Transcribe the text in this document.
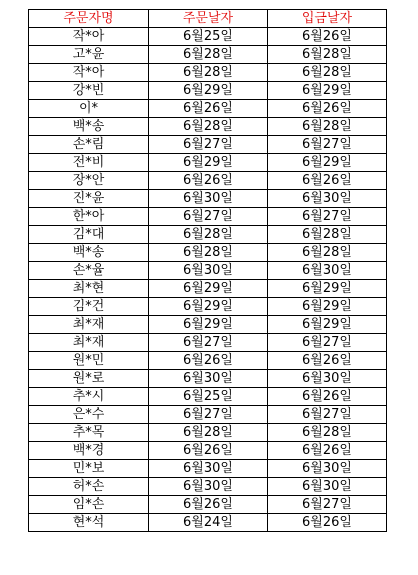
주문자명	주문날자	입금날자
작*아	6월25일	6월26일
고*윤	6월28일	6월28일
작*아	6월28일	6월28일
강*빈	6월29일	6월29일
이*	6월26일	6월26일
백*송	6월28일	6월28일
손*림	6월27일	6월27일
전*비	6월29일	6월29일
장*안	6월26일	6월26일
진*윤	6월30일	6월30일
한*아	6월27일	6월27일
김*대	6월28일	6월28일
백*송	6월28일	6월28일
손*율	6월30일	6월30일
최*현	6월29일	6월29일
김*건	6월29일	6월29일
최*재	6월29일	6월29일
최*재	6월27일	6월27일
원*민	6월26일	6월26일
원*로	6월30일	6월30일
추*시	6월25일	6월26일
은*수	6월27일	6월27일
추*목	6월28일	6월28일
백*경	6월26일	6월26일
민*보	6월30일	6월30일
허*손	6월30일	6월30일
임*손	6월26일	6월27일
현*석	6월24일	6월26일
